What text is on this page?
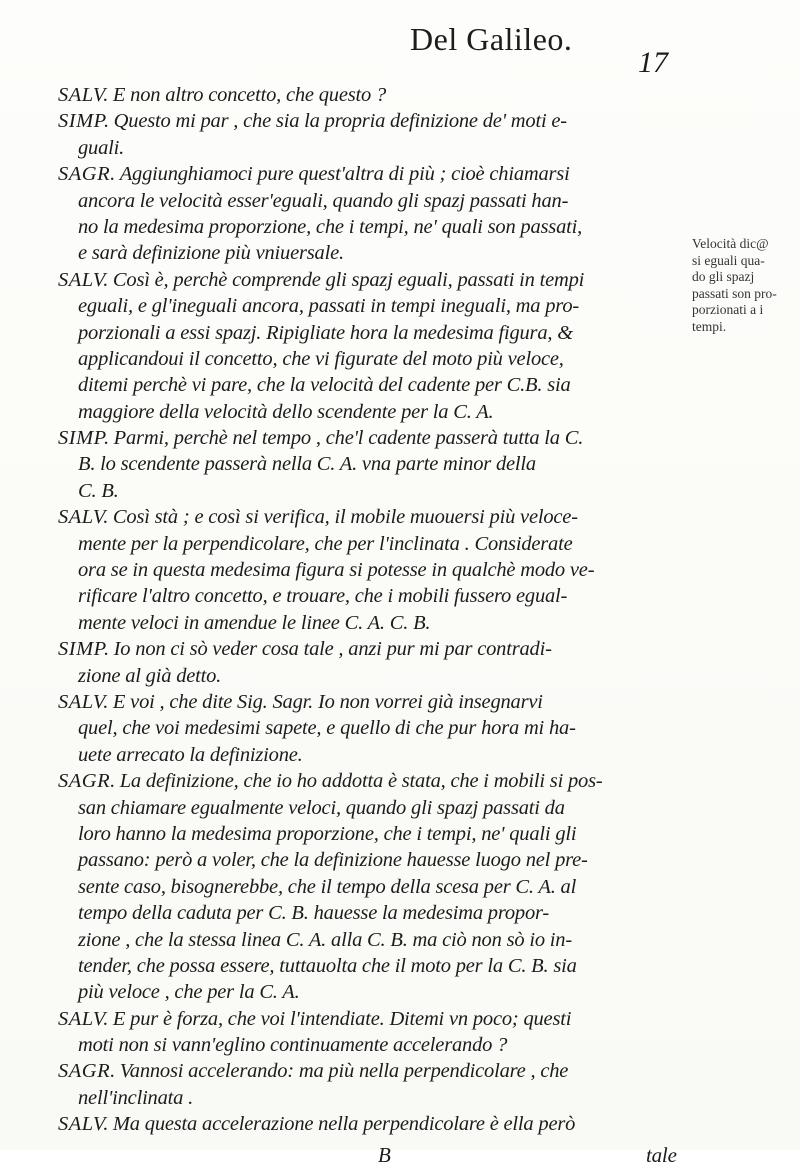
Del Galileo.
17
Velocità dic@
si eguali qua-
do gli spazj
passati son pro-
porzionati a i
tempi.
SALV. E non altro concetto, che questo ?
SIMP. Questo mi par , che sia la propria definizione de' moti e-
guali.
SAGR. Aggiunghiamoci pure quest'altra di più ; cioè chiamarsi
ancora le velocità esser'eguali, quando gli spazj passati han-
no la medesima proporzione, che i tempi, ne' quali son passati,
e sarà definizione più vniuersale.
SALV. Così è, perchè comprende gli spazj eguali, passati in tempi
eguali, e gl'ineguali ancora, passati in tempi ineguali, ma pro-
porzionali a essi spazj. Ripigliate hora la medesima figura, &
applicandoui il concetto, che vi figurate del moto più veloce,
ditemi perchè vi pare, che la velocità del cadente per C.B. sia
maggiore della velocità dello scendente per la C. A.
SIMP. Parmi, perchè nel tempo , che'l cadente passerà tutta la C.
B. lo scendente passerà nella C. A. vna parte minor della
C. B.
SALV. Così stà ; e così si verifica, il mobile muouersi più veloce-
mente per la perpendicolare, che per l'inclinata . Considerate
ora se in questa medesima figura si potesse in qualchè modo ve-
rificare l'altro concetto, e trouare, che i mobili fussero egual-
mente veloci in amendue le linee C. A. C. B.
SIMP. Io non ci sò veder cosa tale , anzi pur mi par contradi-
zione al già detto.
SALV. E voi , che dite Sig. Sagr. Io non vorrei già insegnarvi
quel, che voi medesimi sapete, e quello di che pur hora mi ha-
uete arrecato la definizione.
SAGR. La definizione, che io ho addotta è stata, che i mobili si pos-
san chiamare egualmente veloci, quando gli spazj passati da
loro hanno la medesima proporzione, che i tempi, ne' quali gli
passano: però a voler, che la definizione hauesse luogo nel pre-
sente caso, bisognerebbe, che il tempo della scesa per C. A. al
tempo della caduta per C. B. hauesse la medesima propor-
zione , che la stessa linea C. A. alla C. B. ma ciò non sò io in-
tender, che possa essere, tuttauolta che il moto per la C. B. sia
più veloce , che per la C. A.
SALV. E pur è forza, che voi l'intendiate. Ditemi vn poco; questi
moti non si vann'eglino continuamente accelerando ?
SAGR. Vannosi accelerando: ma più nella perpendicolare , che
nell'inclinata .
SALV. Ma questa accelerazione nella perpendicolare è ella però
B	tale
